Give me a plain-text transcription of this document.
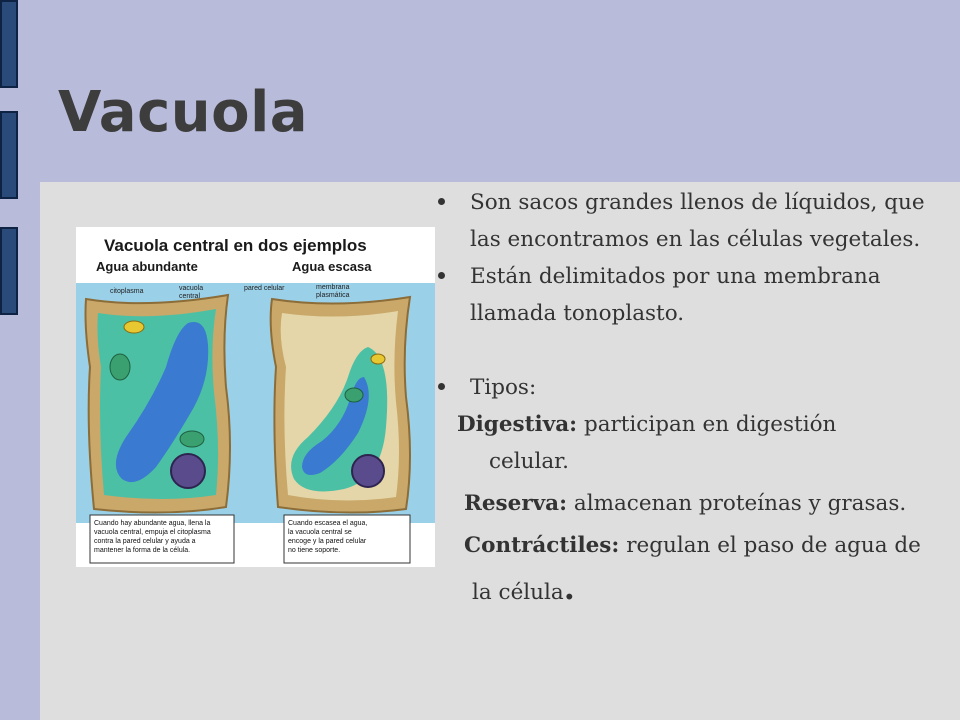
Vacuola
Vacuola central en dos ejemplos
Agua abundante	Agua escasa
citoplasma	vacuola
central
pared celular	membrana
plasmática
Cuando hay abundante agua, llena la vacuola central, empuja el citoplasma contra la pared celular y ayuda a mantener la forma de la célula.
Cuando escasea el agua, la vacuola central se encoge y la pared celular no tiene soporte.
Son sacos grandes llenos de líquidos, que las encontramos en las células vegetales.
Están delimitados por una membrana llamada tonoplasto.
Tipos:
Digestiva: participan en digestión
celular.
Reserva: almacenan proteínas y grasas.
Contráctiles: regulan el paso de agua de
la célula.
